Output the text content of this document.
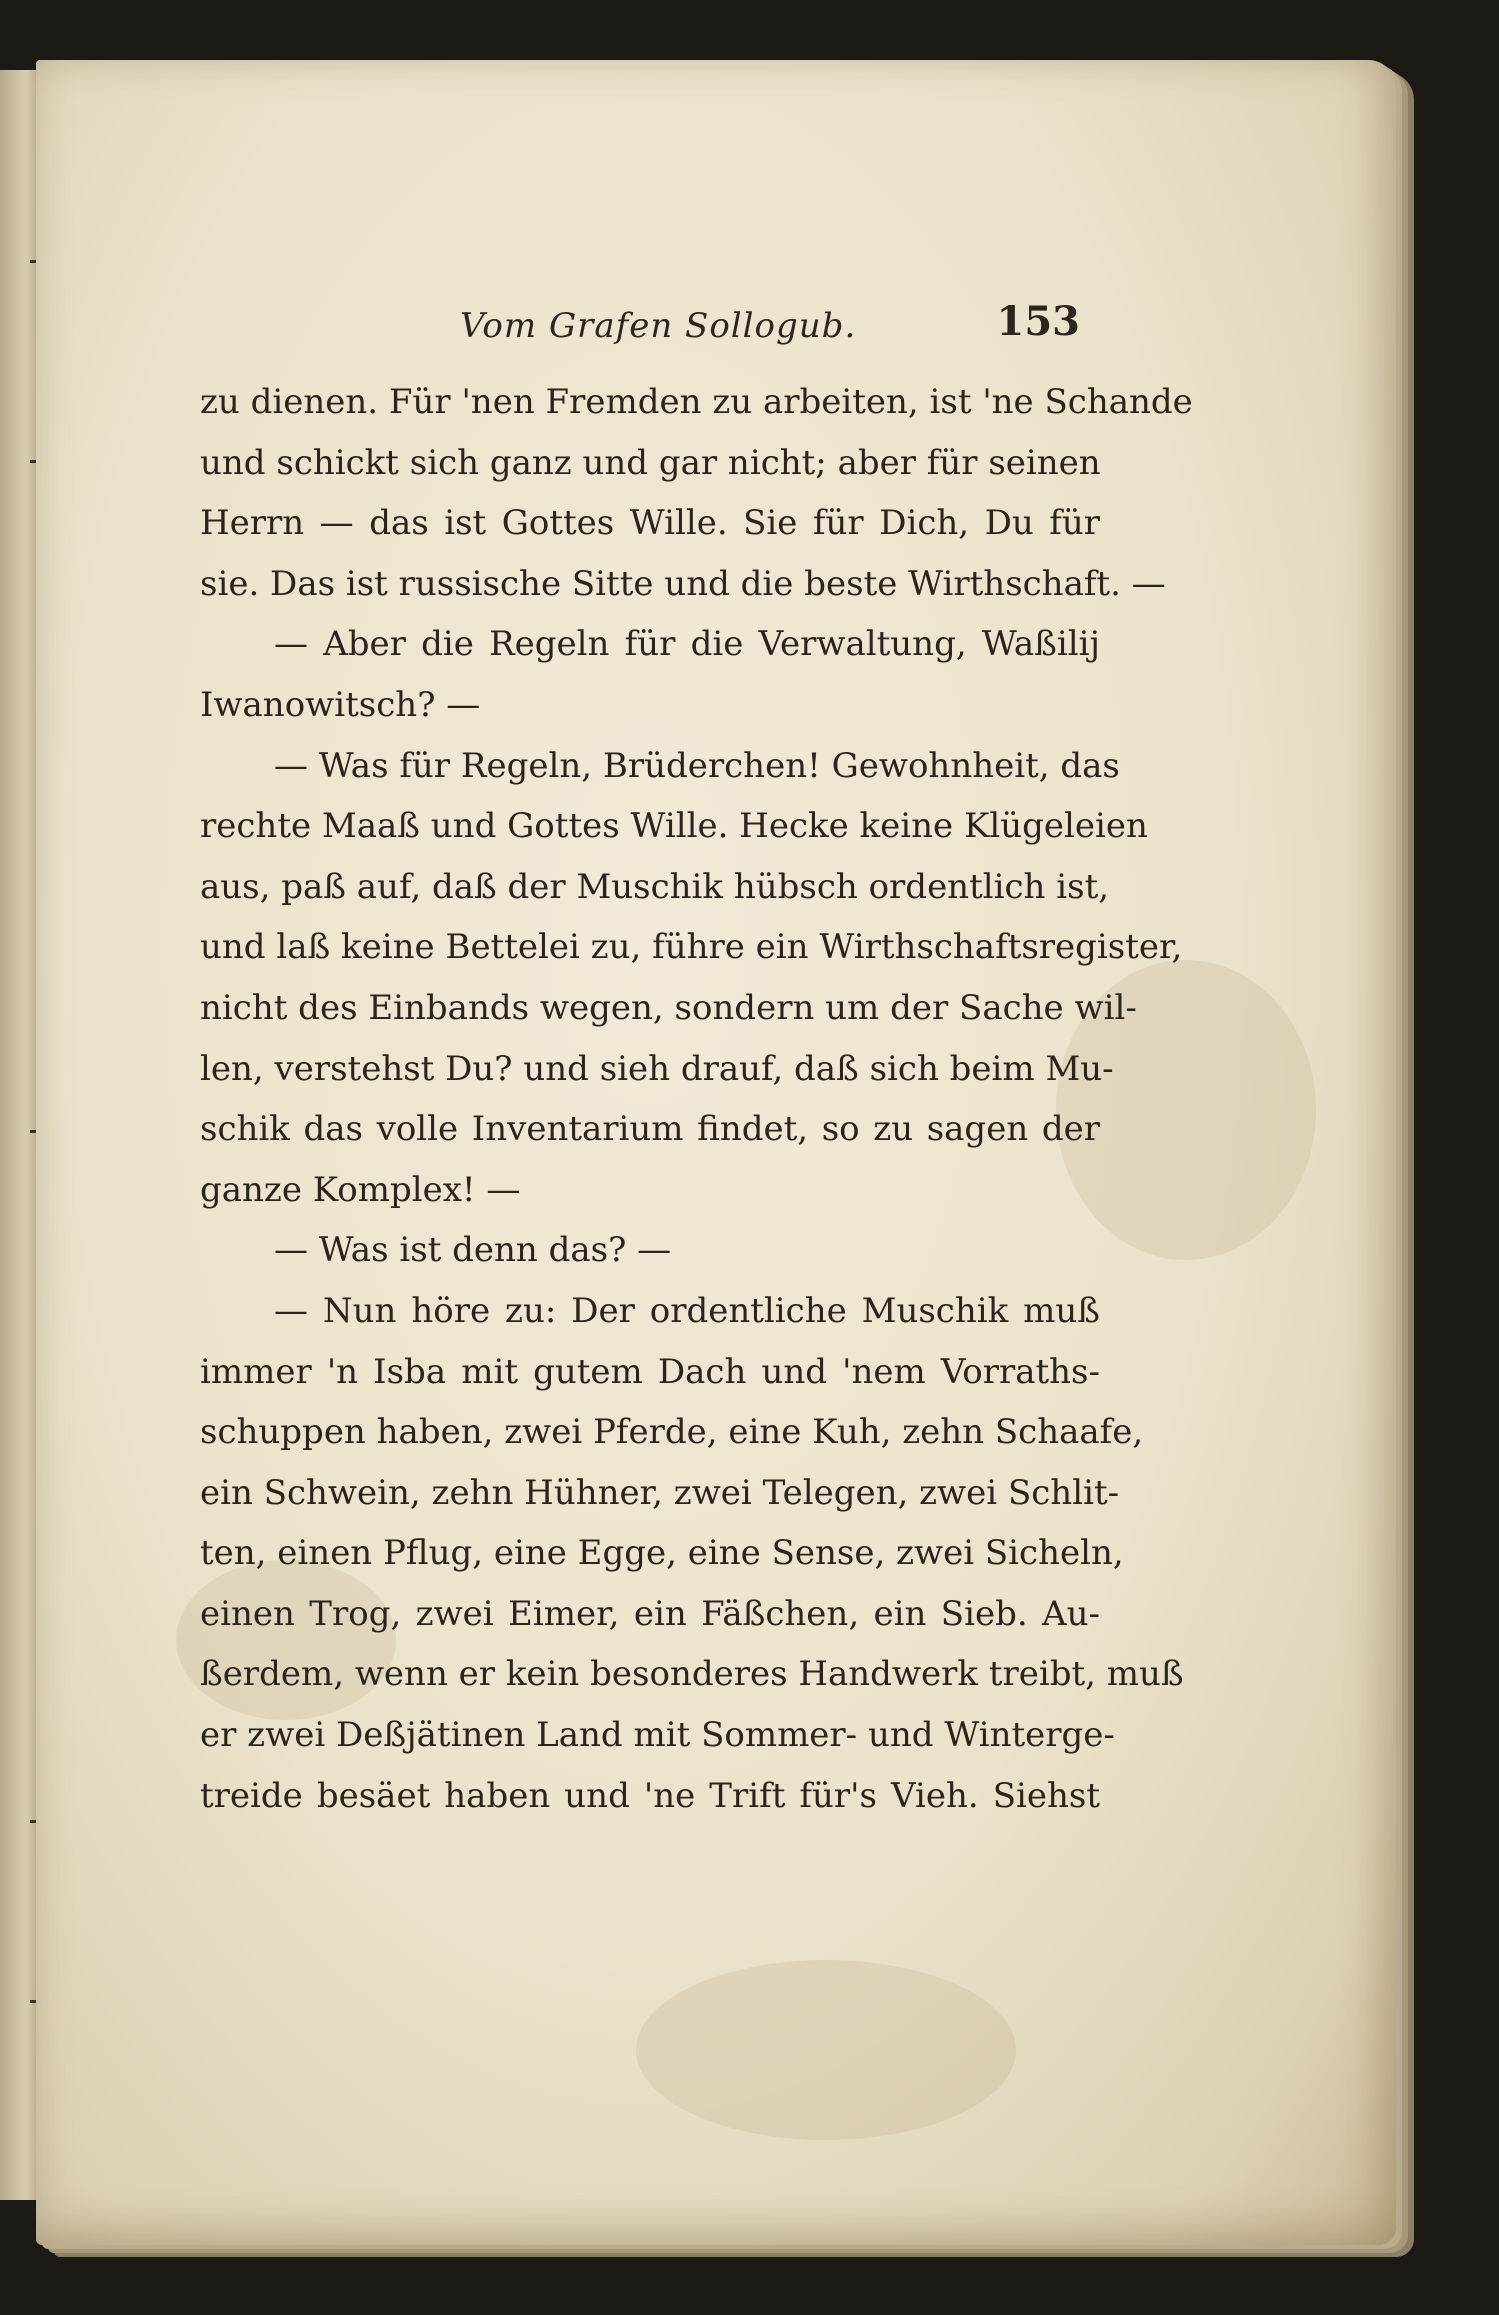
Vom Grafen Sollogub.	153
zu dienen. Für 'nen Fremden zu arbeiten, ist 'ne Schande
und schickt sich ganz und gar nicht; aber für seinen
Herrn — das ist Gottes Wille. Sie für Dich, Du für
sie. Das ist russische Sitte und die beste Wirthschaft. —
— Aber die Regeln für die Verwaltung, Waßilij
Iwanowitsch? —
— Was für Regeln, Brüderchen! Gewohnheit, das
rechte Maaß und Gottes Wille. Hecke keine Klügeleien
aus, paß auf, daß der Muschik hübsch ordentlich ist,
und laß keine Bettelei zu, führe ein Wirthschaftsregister,
nicht des Einbands wegen, sondern um der Sache wil-
len, verstehst Du? und sieh drauf, daß sich beim Mu-
schik das volle Inventarium findet, so zu sagen der
ganze Komplex! —
— Was ist denn das? —
— Nun höre zu: Der ordentliche Muschik muß
immer 'n Isba mit gutem Dach und 'nem Vorraths-
schuppen haben, zwei Pferde, eine Kuh, zehn Schaafe,
ein Schwein, zehn Hühner, zwei Telegen, zwei Schlit-
ten, einen Pflug, eine Egge, eine Sense, zwei Sicheln,
einen Trog, zwei Eimer, ein Fäßchen, ein Sieb. Au-
ßerdem, wenn er kein besonderes Handwerk treibt, muß
er zwei Deßjätinen Land mit Sommer- und Winterge-
treide besäet haben und 'ne Trift für's Vieh. Siehst
